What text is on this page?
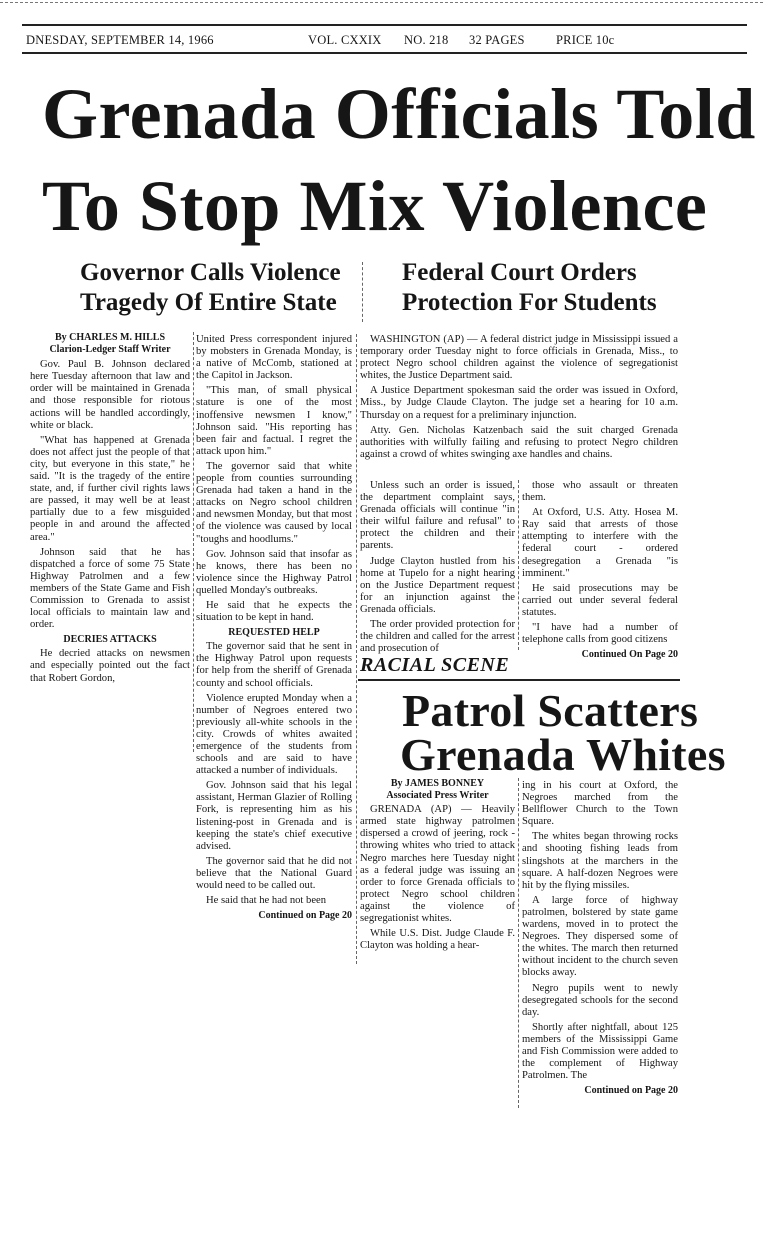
DNESDAY, SEPTEMBER 14, 1966	VOL. CXXIX NO. 218 32 PAGES	PRICE 10c
Grenada Officials Told
To Stop Mix Violence
Governor Calls Violence
Tragedy Of Entire State
Federal Court Orders
Protection For Students

By CHARLES M. HILLS

Clarion-Ledger Staff Writer

Gov. Paul B. Johnson declared here Tuesday afternoon that law and order will be maintained in Grenada and those responsible for riotous actions will be handled accordingly, white or black.

"What has happened at Grenada does not affect just the people of that city, but everyone in this state," he said. "It is the tragedy of the entire state, and, if further civil rights laws are passed, it may well be at least partially due to a few misguided people in and around the affected area."

Johnson said that he has dispatched a force of some 75 State Highway Patrolmen and a few members of the State Game and Fish Commission to Grenada to assist local officials to maintain law and order.

DECRIES ATTACKS

He decried attacks on newsmen and especially pointed out the fact that Robert Gordon,

United Press correspondent injured by mobsters in Grenada Monday, is a native of McComb, stationed at the Capitol in Jackson.

"This man, of small physical stature is one of the most inoffensive newsmen I know," Johnson said. "His reporting has been fair and factual. I regret the attack upon him."

The governor said that white people from counties surrounding Grenada had taken a hand in the attacks on Negro school children and newsmen Monday, but that most of the violence was caused by local "toughs and hoodlums."

Gov. Johnson said that insofar as he knows, there has been no violence since the Highway Patrol quelled Monday's outbreaks.

He said that he expects the situation to be kept in hand.

REQUESTED HELP

The governor said that he sent in the Highway Patrol upon requests for help from the sheriff of Grenada county and school officials.

Violence erupted Monday when a number of Negroes entered two previously all-white schools in the city. Crowds of whites awaited emergence of the students from schools and are said to have attacked a number of individuals.

Gov. Johnson said that his legal assistant, Herman Glazier of Rolling Fork, is representing him as his listening-post in Grenada and is keeping the state's chief executive advised.

The governor said that he did not believe that the National Guard would need to be called out.

He said that he had not been

Continued on Page 20

WASHINGTON (AP) — A federal district judge in Mississippi issued a temporary order Tuesday night to force officials in Grenada, Miss., to protect Negro school children against the violence of segregationist whites, the Justice Department said.

A Justice Department spokesman said the order was issued in Oxford, Miss., by Judge Claude Clayton. The judge set a hearing for 10 a.m. Thursday on a request for a preliminary injunction.

Atty. Gen. Nicholas Katzenbach said the suit charged Grenada authorities with wilfully failing and refusing to protect Negro children against a crowd of whites swinging axe handles and chains.

Unless such an order is issued, the department complaint says, Grenada officials will continue "in their wilful failure and refusal" to protect the children and their parents.

Judge Clayton hustled from his home at Tupelo for a night hearing on the Justice Department request for an injunction against the Grenada officials.

The order provided protection for the children and called for the arrest and prosecution of

those who assault or threaten them.

At Oxford, U.S. Atty. Hosea M. Ray said that arrests of those attempting to interfere with the federal court - ordered desegregation a Grenada "is imminent."

He said prosecutions may be carried out under several federal statutes.

"I have had a number of telephone calls from good citizens

Continued On Page 20

RACIAL SCENE
Patrol Scatters
Grenada Whites

By JAMES BONNEY

Associated Press Writer

GRENADA (AP) — Heavily armed state highway patrolmen dispersed a crowd of jeering, rock - throwing whites who tried to attack Negro marches here Tuesday night as a federal judge was issuing an order to force Grenada officials to protect Negro school children against the violence of segregationist whites.

While U.S. Dist. Judge Claude F. Clayton was holding a hear-

ing in his court at Oxford, the Negroes marched from the Bellflower Church to the Town Square.

The whites began throwing rocks and shooting fishing leads from slingshots at the marchers in the square. A half-dozen Negroes were hit by the flying missiles.

A large force of highway patrolmen, bolstered by state game wardens, moved in to protect the Negroes. They dispersed some of the whites. The march then returned without incident to the church seven blocks away.

Negro pupils went to newly desegregated schools for the second day.

Shortly after nightfall, about 125 members of the Mississippi Game and Fish Commission were added to the complement of Highway Patrolmen. The

Continued on Page 20
